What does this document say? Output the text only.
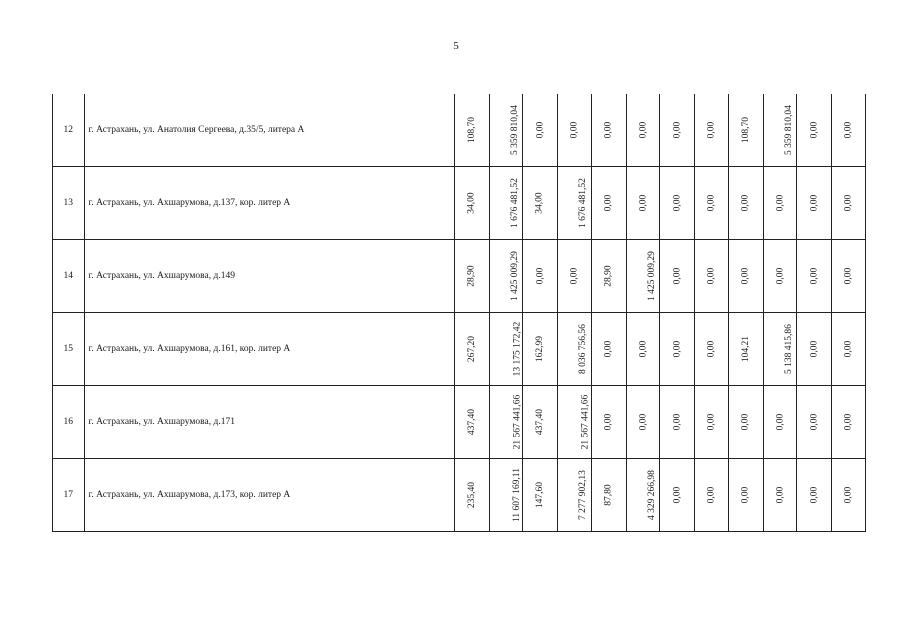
5
12	г. Астрахань, ул. Анатолия Сергеева, д.35/5, литера А	108,70	5 359 810,04	0,00	0,00	0,00	0,00	0,00	0,00	108,70	5 359 810,04	0,00	0,00
13	г. Астрахань, ул. Ахшарумова, д.137, кор. литер А	34,00	1 676 481,52	34,00	1 676 481,52	0,00	0,00	0,00	0,00	0,00	0,00	0,00	0,00
14	г. Астрахань, ул. Ахшарумова, д.149	28,90	1 425 009,29	0,00	0,00	28,90	1 425 009,29	0,00	0,00	0,00	0,00	0,00	0,00
15	г. Астрахань, ул. Ахшарумова, д.161, кор. литер А	267,20	13 175 172,42	162,99	8 036 756,56	0,00	0,00	0,00	0,00	104,21	5 138 415,86	0,00	0,00
16	г. Астрахань, ул. Ахшарумова, д.171	437,40	21 567 441,66	437,40	21 567 441,66	0,00	0,00	0,00	0,00	0,00	0,00	0,00	0,00
17	г. Астрахань, ул. Ахшарумова, д.173, кор. литер А	235,40	11 607 169,11	147,60	7 277 902,13	87,80	4 329 266,98	0,00	0,00	0,00	0,00	0,00	0,00
